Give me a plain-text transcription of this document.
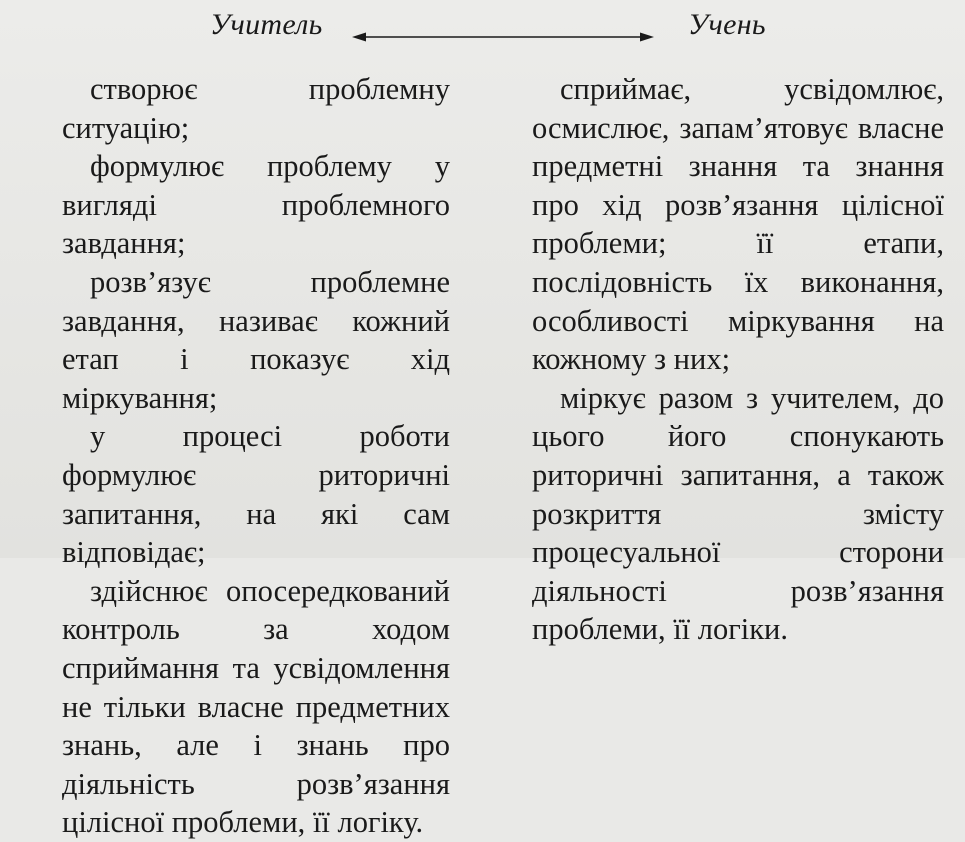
Учитель	Учень

створює проблемну ситуацію;

формулює проблему у вигляді проблемного завдання;

розв’язує проблемне завдання, називає кожний етап і показує хід міркування;

у процесі роботи формулює риторичні запитання, на які сам відповідає;

здійснює опосередкований контроль за ходом сприймання та усвідомлення не тільки власне предметних знань, але і знань про діяльність розв’язання цілісної проблеми, її логіку.

сприймає, усвідомлює, осмислює, запам’ятовує власне предметні знання та знання про хід розв’язання цілісної проблеми; її етапи, послідовність їх виконання, особливості міркування на кожному з них;

міркує разом з учителем, до цього його спонукають риторичні запитання, а також розкриття змісту процесуальної сторони діяльності розв’язання проблеми, її логіки.
